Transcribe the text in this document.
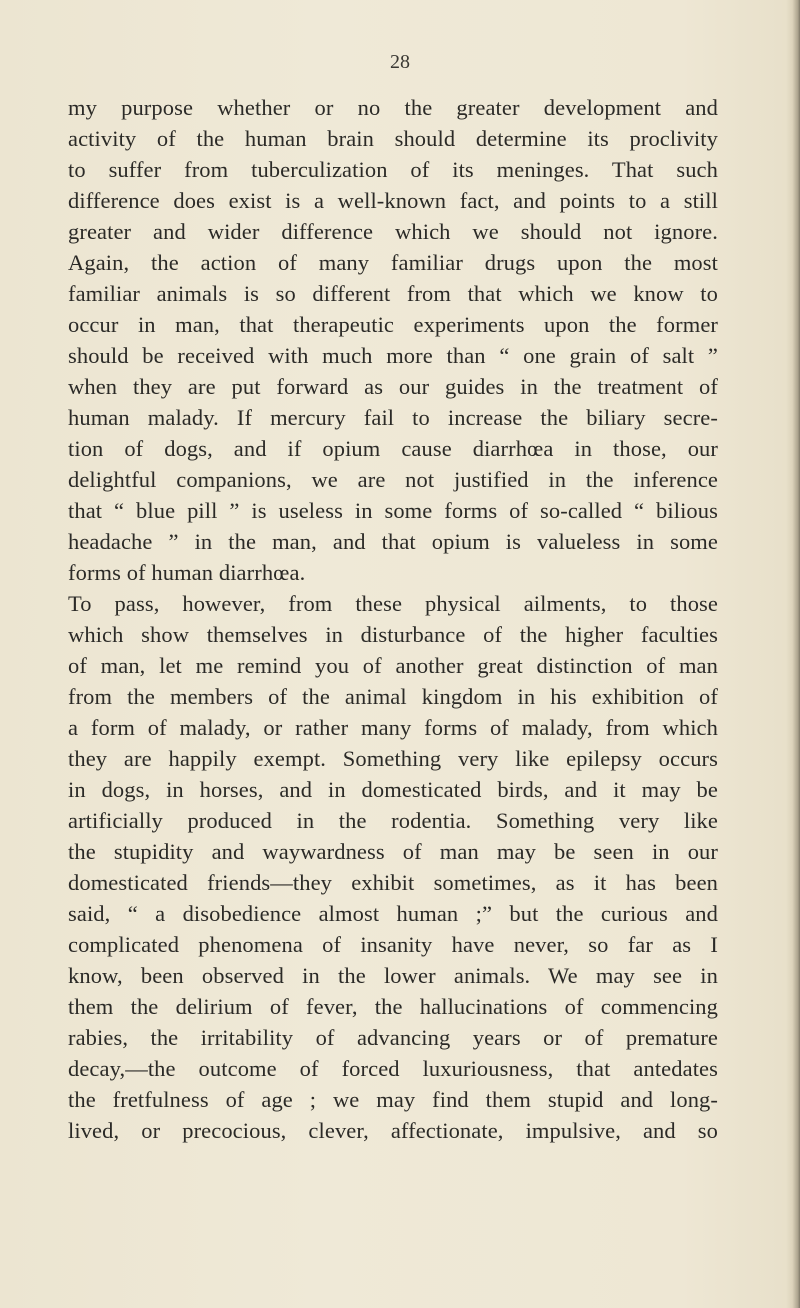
28
my purpose whether or no the greater development and
activity of the human brain should determine its proclivity
to suffer from tuberculization of its meninges. That such
difference does exist is a well-known fact, and points to a still
greater and wider difference which we should not ignore.
Again, the action of many familiar drugs upon the most
familiar animals is so different from that which we know to
occur in man, that therapeutic experiments upon the former
should be received with much more than “ one grain of salt ”
when they are put forward as our guides in the treatment of
human malady. If mercury fail to increase the biliary secre-
tion of dogs, and if opium cause diarrhœa in those, our
delightful companions, we are not justified in the inference
that “ blue pill ” is useless in some forms of so-called “ bilious
headache ” in the man, and that opium is valueless in some
forms of human diarrhœa.
To pass, however, from these physical ailments, to those
which show themselves in disturbance of the higher faculties
of man, let me remind you of another great distinction of man
from the members of the animal kingdom in his exhibition of
a form of malady, or rather many forms of malady, from which
they are happily exempt. Something very like epilepsy occurs
in dogs, in horses, and in domesticated birds, and it may be
artificially produced in the rodentia. Something very like
the stupidity and waywardness of man may be seen in our
domesticated friends—they exhibit sometimes, as it has been
said, “ a disobedience almost human ;” but the curious and
complicated phenomena of insanity have never, so far as I
know, been observed in the lower animals. We may see in
them the delirium of fever, the hallucinations of commencing
rabies, the irritability of advancing years or of premature
decay,—the outcome of forced luxuriousness, that antedates
the fretfulness of age ; we may find them stupid and long-
lived, or precocious, clever, affectionate, impulsive, and so
